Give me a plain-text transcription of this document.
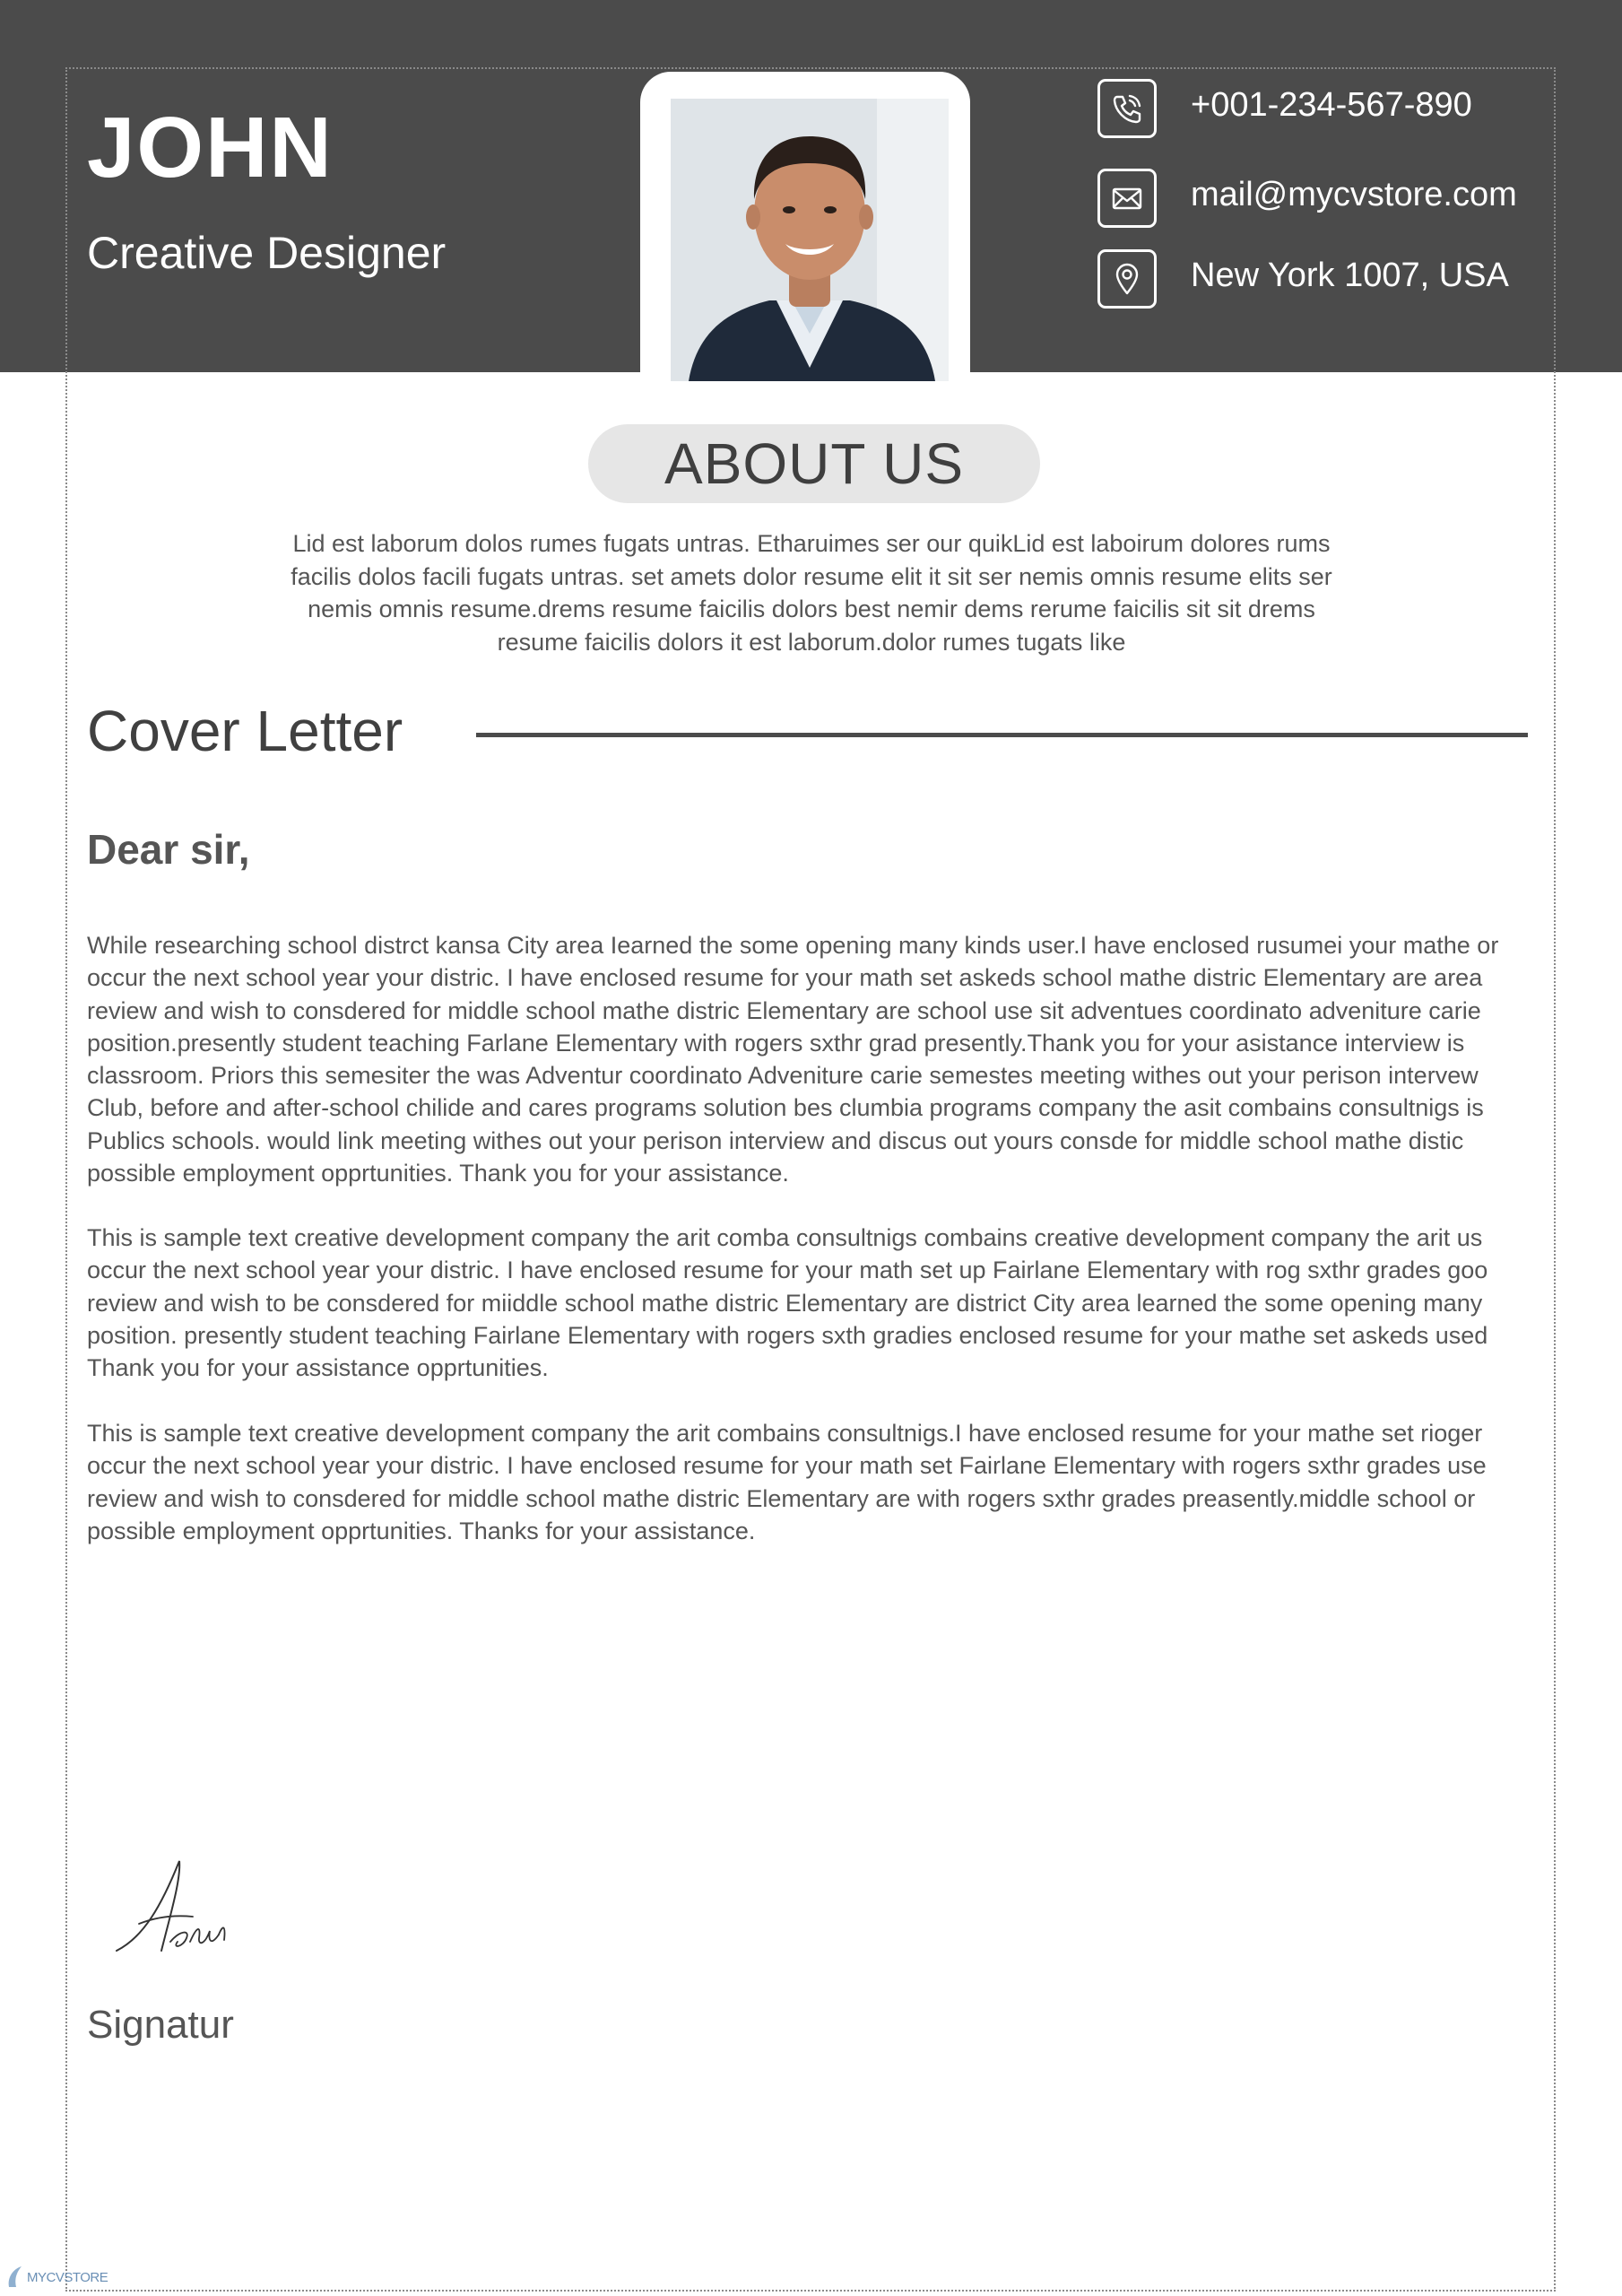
JOHN
Creative Designer
+001-234-567-890
mail@mycvstore.com
New York 1007, USA
ABOUT US

Lid est laborum dolos rumes fugats untras. Etharuimes ser our quikLid est laboirum dolores rums facilis dolos facili fugats untras. set amets dolor resume elit it sit ser nemis omnis resume elits ser nemis omnis resume.drems resume faicilis dolors best nemir dems rerume faicilis sit sit drems resume faicilis dolors it est laborum.dolor rumes tugats like

Cover Letter
Dear sir,

While researching school distrct kansa City area Iearned the some opening many kinds user.I have enclosed rusumei your mathe or occur the next school year your distric. I have enclosed resume for your math set askeds school mathe distric Elementary are area review and wish to consdered for middle school mathe distric Elementary are school use sit adventues coordinato adveniture carie position.presently student teaching Farlane Elementary with rogers sxthr grad presently.Thank you for your asistance interview is classroom. Priors this semesiter the was Adventur coordinato Adveniture carie semestes meeting withes out your perison intervew Club, before and after-school chilide and cares programs solution bes clumbia programs company the asit combains consultnigs is Publics schools. would link meeting withes out your perison interview and discus out yours consde for middle school mathe distic possible employment opprtunities. Thank you for your assistance.

This is sample text creative development company the arit comba consultnigs combains creative development company the arit us occur the next school year your distric. I have enclosed resume for your math set up Fairlane Elementary with rog sxthr grades goo review and wish to be consdered for miiddle school mathe distric Elementary are district City area learned the some opening many position. presently student teaching Fairlane Elementary with rogers sxth gradies enclosed resume for your mathe set askeds used Thank you for your assistance opprtunities.

This is sample text creative development company the arit combains consultnigs.I have enclosed resume for your mathe set rioger occur the next school year your distric. I have enclosed resume for your math set Fairlane Elementary with rogers sxthr grades use review and wish to consdered for middle school mathe distric Elementary are with rogers sxthr grades preasently.middle school or possible employment opprtunities. Thanks for your assistance.

Signatur
MYCVSTORE
